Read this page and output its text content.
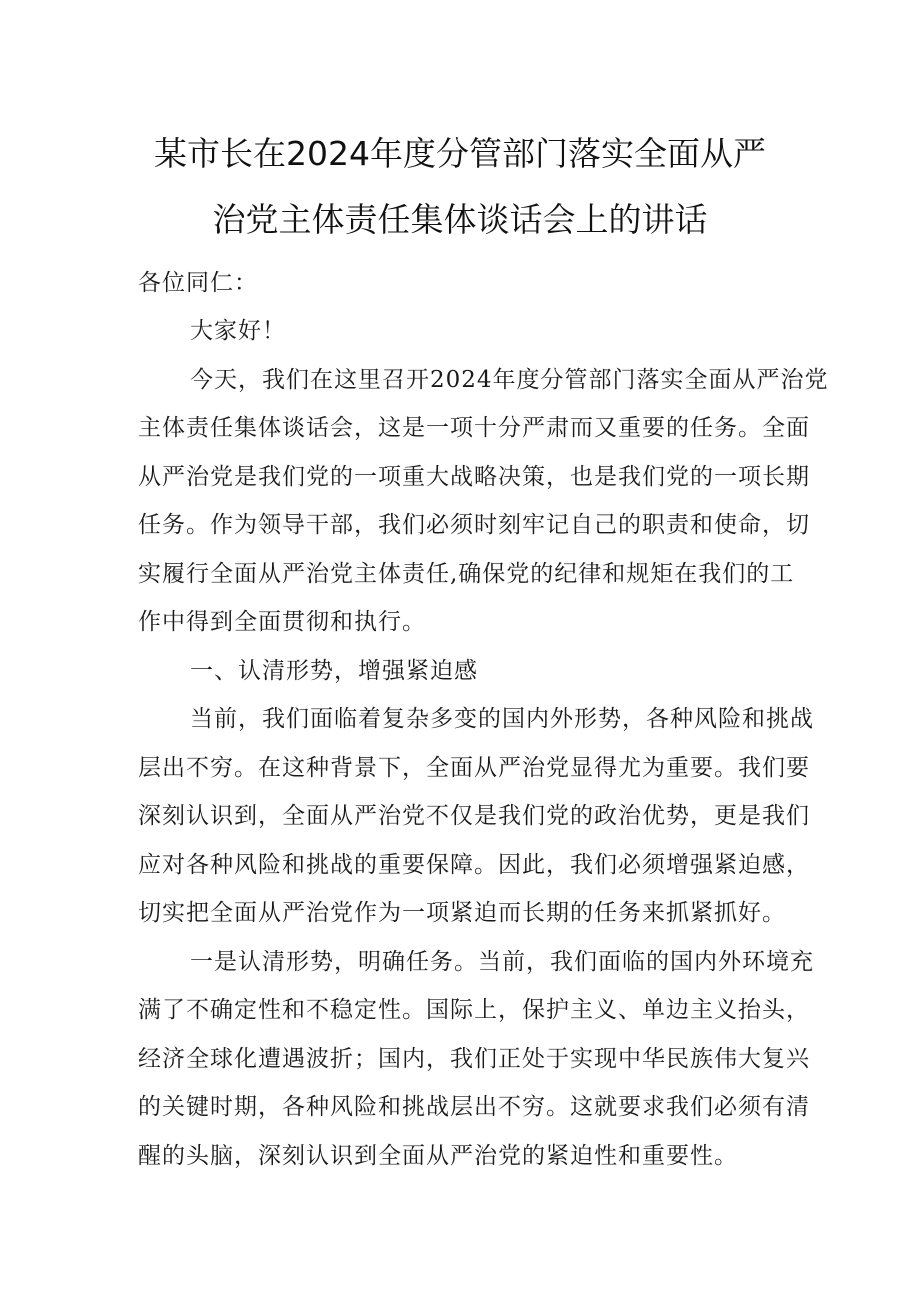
某市长在2024年度分管部门落实全面从严
治党主体责任集体谈话会上的讲话
各位同仁：
大家好！
今天，我们在这里召开2024年度分管部门落实全面从严治党
主体责任集体谈话会，这是一项十分严肃而又重要的任务。全面
从严治党是我们党的一项重大战略决策，也是我们党的一项长期
任务。作为领导干部，我们必须时刻牢记自己的职责和使命，切
实履行全面从严治党主体责任,确保党的纪律和规矩在我们的工
作中得到全面贯彻和执行。
一、认清形势，增强紧迫感
当前，我们面临着复杂多变的国内外形势，各种风险和挑战
层出不穷。在这种背景下，全面从严治党显得尤为重要。我们要
深刻认识到，全面从严治党不仅是我们党的政治优势，更是我们
应对各种风险和挑战的重要保障。因此，我们必须增强紧迫感，
切实把全面从严治党作为一项紧迫而长期的任务来抓紧抓好。
一是认清形势，明确任务。当前，我们面临的国内外环境充
满了不确定性和不稳定性。国际上，保护主义、单边主义抬头，
经济全球化遭遇波折；国内，我们正处于实现中华民族伟大复兴
的关键时期，各种风险和挑战层出不穷。这就要求我们必须有清
醒的头脑，深刻认识到全面从严治党的紧迫性和重要性。
